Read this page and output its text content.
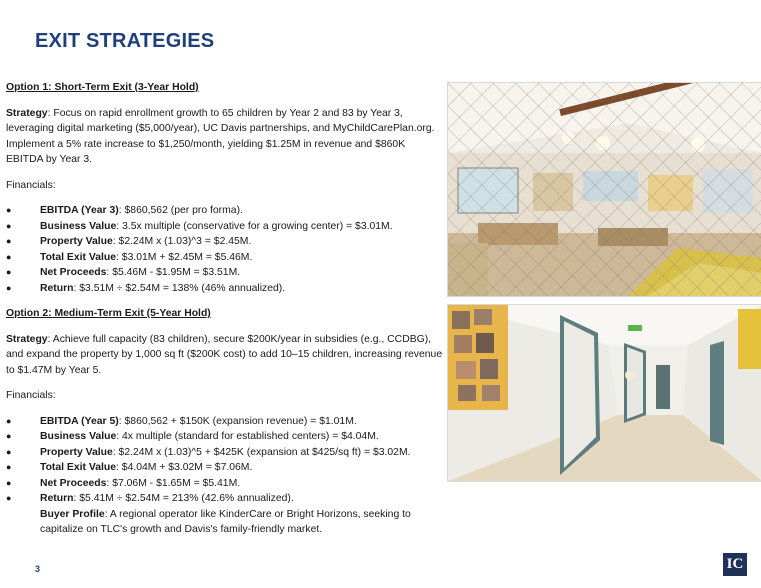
EXIT STRATEGIES

Option 1: Short-Term Exit (3-Year Hold)

Strategy: Focus on rapid enrollment growth to 65 children by Year 2 and 83 by Year 3, leveraging digital marketing ($5,000/year), UC Davis partnerships, and MyChildCarePlan.org. Implement a 5% rate increase to $1,250/month, yielding $1.25M in revenue and $860K EBITDA by Year 3.

Financials:

● EBITDA (Year 3): $860,562 (per pro forma).
● Business Value: 3.5x multiple (conservative for a growing center) = $3.01M.
● Property Value: $2.24M x (1.03)^3 = $2.45M.
● Total Exit Value: $3.01M + $2.45M = $5.46M.
● Net Proceeds: $5.46M - $1.95M = $3.51M.
● Return: $3.51M ÷ $2.54M = 138% (46% annualized).

Option 2: Medium-Term Exit (5-Year Hold)

Strategy: Achieve full capacity (83 children), secure $200K/year in subsidies (e.g., CCDBG), and expand the property by 1,000 sq ft ($200K cost) to add 10–15 children, increasing revenue to $1.47M by Year 5.

Financials:

● EBITDA (Year 5): $860,562 + $150K (expansion revenue) = $1.01M.
● Business Value: 4x multiple (standard for established centers) = $4.04M.
● Property Value: $2.24M x (1.03)^5 + $425K (expansion at $425/sq ft) = $3.02M.
● Total Exit Value: $4.04M + $3.02M = $7.06M.
● Net Proceeds: $7.06M - $1.65M = $5.41M.
● Return: $5.41M ÷ $2.54M = 213% (42.6% annualized).

Buyer Profile: A regional operator like KinderCare or Bright Horizons, seeking to capitalize on TLC's growth and Davis's family-friendly market.

3	IC
